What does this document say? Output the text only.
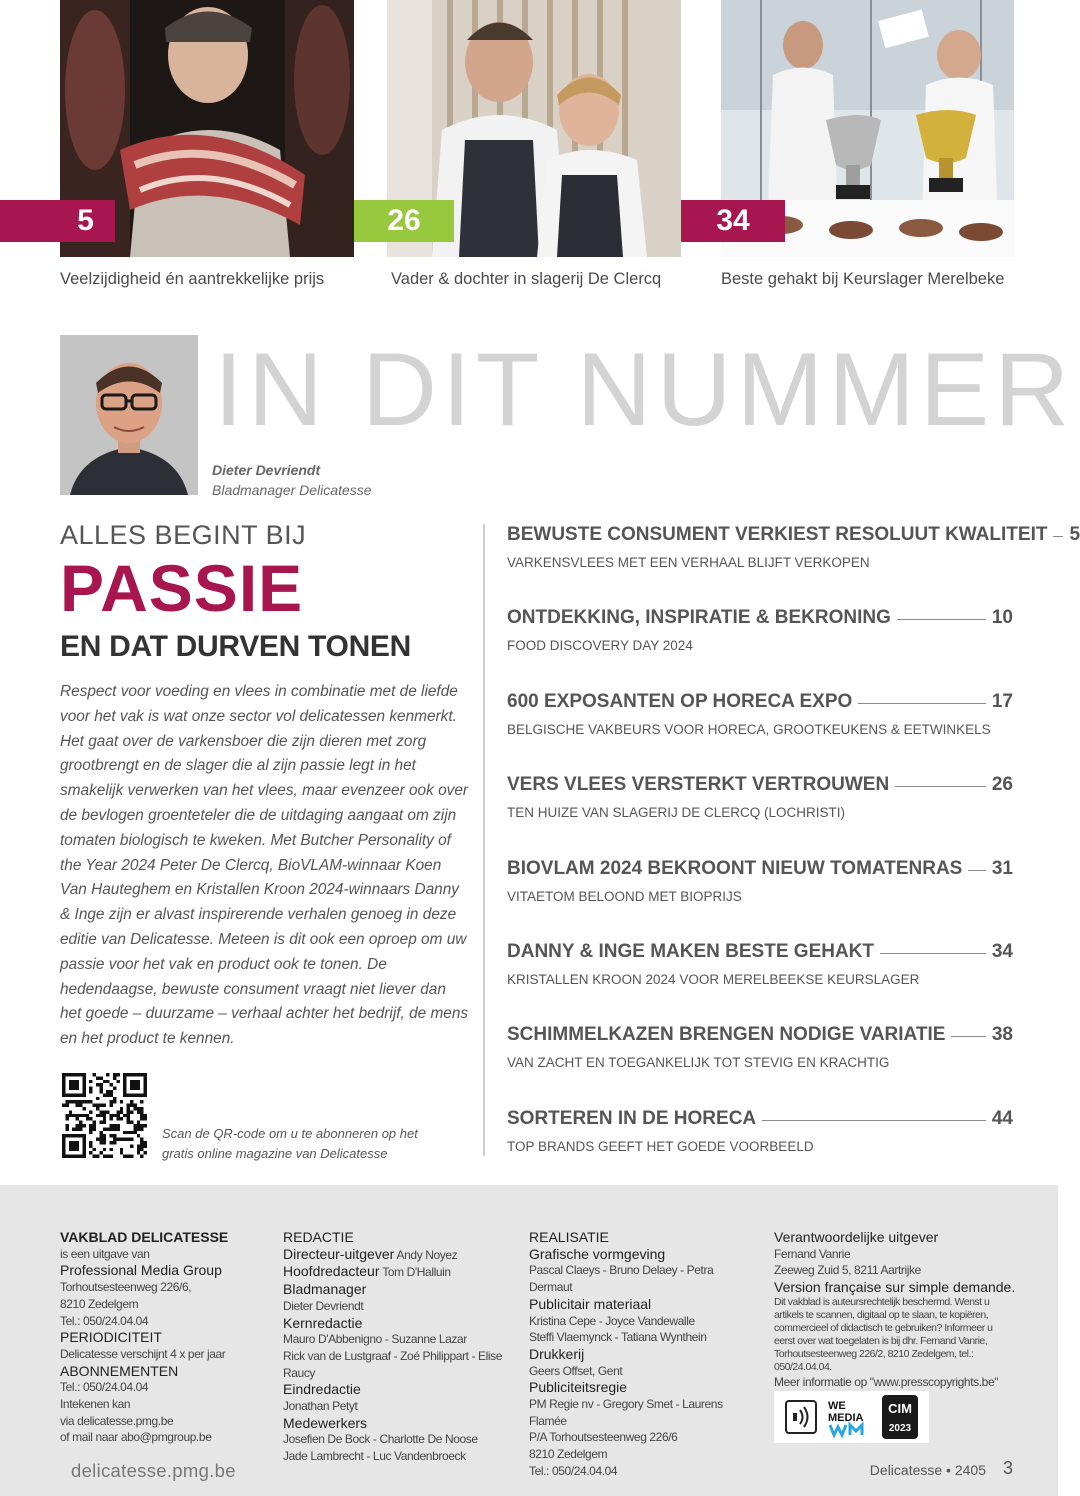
5	26	34
Veelzijdigheid én aantrekkelijke prijs	Vader & dochter in slagerij De Clercq	Beste gehakt bij Keurslager Merelbeke
IN DIT NUMMER
Dieter Devriendt
Bladmanager Delicatesse
ALLES BEGINT BIJ
PASSIE
EN DAT DURVEN TONEN

Respect voor voeding en vlees in combinatie met de liefde voor het vak is wat onze sector vol delicatessen kenmerkt. Het gaat over de varkensboer die zijn dieren met zorg grootbrengt en de slager die al zijn passie legt in het smakelijk verwerken van het vlees, maar evenzeer ook over de bevlogen groenteteler die de uitdaging aangaat om zijn tomaten biologisch te kweken. Met Butcher Personality of the Year 2024 Peter De Clercq, BioVLAM-winnaar Koen Van Hauteghem en Kristallen Kroon 2024-winnaars Danny & Inge zijn er alvast inspirerende verhalen genoeg in deze editie van Delicatesse. Meteen is dit ook een oproep om uw passie voor het vak en product ook te tonen. De hedendaagse, bewuste consument vraagt niet liever dan het goede – duurzame – verhaal achter het bedrijf, de mens en het product te kennen.

Scan de QR-code om u te abonneren op het gratis online magazine van Delicatesse
BEWUSTE CONSUMENT VERKIEST RESOLUUT KWALITEIT 5
VARKENSVLEES MET EEN VERHAAL BLIJFT VERKOPEN
ONTDEKKING, INSPIRATIE & BEKRONING	10
FOOD DISCOVERY DAY 2024
600 EXPOSANTEN OP HORECA EXPO	17
BELGISCHE VAKBEURS VOOR HORECA, GROOTKEUKENS & EETWINKELS
VERS VLEES VERSTERKT VERTROUWEN	26
TEN HUIZE VAN SLAGERIJ DE CLERCQ (LOCHRISTI)
BIOVLAM 2024 BEKROONT NIEUW TOMATENRAS 31
VITAETOM BELOOND MET BIOPRIJS
DANNY & INGE MAKEN BESTE GEHAKT	34
KRISTALLEN KROON 2024 VOOR MERELBEEKSE KEURSLAGER
SCHIMMELKAZEN BRENGEN NODIGE VARIATIE 38
VAN ZACHT EN TOEGANKELIJK TOT STEVIG EN KRACHTIG
SORTEREN IN DE HORECA	44
TOP BRANDS GEEFT HET GOEDE VOORBEELD
VAKBLAD DELICATESSE
is een uitgave van
Professional Media Group
Torhoutsesteenweg 226/6,
8210 Zedelgem
Tel.: 050/24.04.04
PERIODICITEIT
Delicatesse verschijnt 4 x per jaar
ABONNEMENTEN
Tel.: 050/24.04.04
Intekenen kan
via delicatesse.pmg.be
of mail naar abo@pmgroup.be
REDACTIE
Directeur-uitgever Andy Noyez
Hoofdredacteur Tom D'Halluin
Bladmanager
Dieter Devriendt
Kernredactie
Mauro D'Abbenigno - Suzanne Lazar
Rick van de Lustgraaf - Zoé Philippart - Elise Raucy
Eindredactie
Jonathan Petyt
Medewerkers
Josefien De Bock - Charlotte De Noose
Jade Lambrecht - Luc Vandenbroeck
REALISATIE
Grafische vormgeving
Pascal Claeys - Bruno Delaey - Petra Dermaut
Publicitair materiaal
Kristina Cepe - Joyce Vandewalle
Steffi Vlaemynck - Tatiana Wynthein
Drukkerij
Geers Offset, Gent
Publiciteitsregie
PM Regie nv - Gregory Smet - Laurens Flamée
P/A Torhoutsesteenweg 226/6
8210 Zedelgem
Tel.: 050/24.04.04
Verantwoordelijke uitgever
Fernand Vanrie
Zeeweg Zuid 5, 8211 Aartrijke
Version française sur simple demande.
Dit vakblad is auteursrechtelijk beschermd. Wenst u artikels te scannen, digitaal op te slaan, te kopiëren, commercieel of didactisch te gebruiken? Informeer u eerst over wat toegelaten is bij dhr. Fernand Vanrie, Torhoutsesteenweg 226/2, 8210 Zedelgem, tel.: 050/24.04.04.
Meer informatie op "www.presscopyrights.be"
WE
MEDIA
CIM
2023
delicatesse.pmg.be	Delicatesse • 2405 3
